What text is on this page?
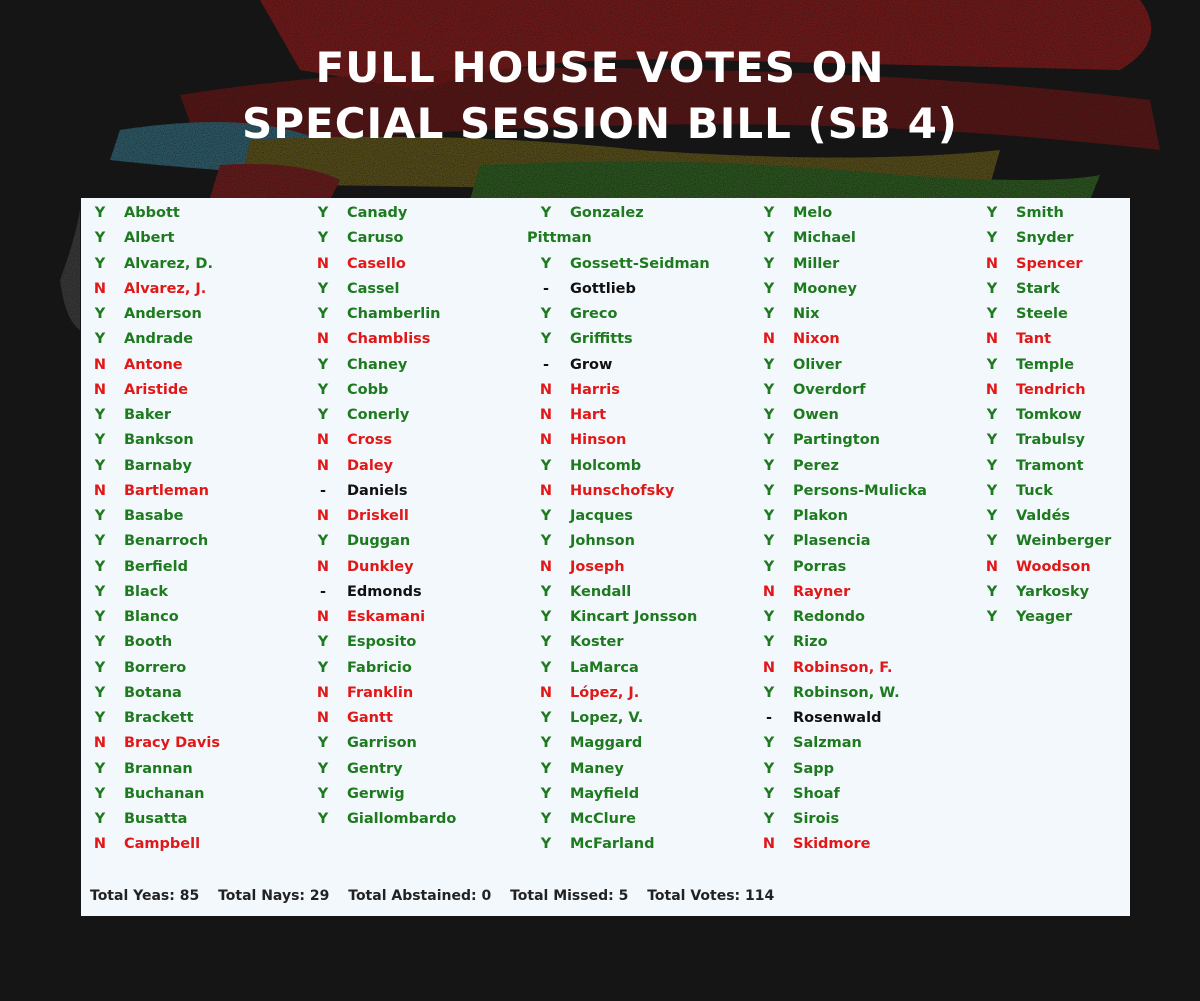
FULL HOUSE VOTES ON
SPECIAL SESSION BILL (SB 4)
Y	Abbott
Y	Albert
Y	Alvarez, D.
N	Alvarez, J.
Y	Anderson
Y	Andrade
N	Antone
N	Aristide
Y	Baker
Y	Bankson
Y	Barnaby
N	Bartleman
Y	Basabe
Y	Benarroch
Y	Berfield
Y	Black
Y	Blanco
Y	Booth
Y	Borrero
Y	Botana
Y	Brackett
N	Bracy Davis
Y	Brannan
Y	Buchanan
Y	Busatta
N	Campbell
Y	Canady
Y	Caruso
N	Casello
Y	Cassel
Y	Chamberlin
N	Chambliss
Y	Chaney
Y	Cobb
Y	Conerly
N	Cross
N	Daley
-	Daniels
N	Driskell
Y	Duggan
N	Dunkley
-	Edmonds
N	Eskamani
Y	Esposito
Y	Fabricio
N	Franklin
N	Gantt
Y	Garrison
Y	Gentry
Y	Gerwig
Y	Giallombardo
Y	Gonzalez
Pittman
Y	Gossett-Seidman
-	Gottlieb
Y	Greco
Y	Griffitts
-	Grow
N	Harris
N	Hart
N	Hinson
Y	Holcomb
N	Hunschofsky
Y	Jacques
Y	Johnson
N	Joseph
Y	Kendall
Y	Kincart Jonsson
Y	Koster
Y	LaMarca
N	López, J.
Y	Lopez, V.
Y	Maggard
Y	Maney
Y	Mayfield
Y	McClure
Y	McFarland
Y	Melo
Y	Michael
Y	Miller
Y	Mooney
Y	Nix
N	Nixon
Y	Oliver
Y	Overdorf
Y	Owen
Y	Partington
Y	Perez
Y	Persons-Mulicka
Y	Plakon
Y	Plasencia
Y	Porras
N	Rayner
Y	Redondo
Y	Rizo
N	Robinson, F.
Y	Robinson, W.
-	Rosenwald
Y	Salzman
Y	Sapp
Y	Shoaf
Y	Sirois
N	Skidmore
Y	Smith
Y	Snyder
N	Spencer
Y	Stark
Y	Steele
N	Tant
Y	Temple
N	Tendrich
Y	Tomkow
Y	Trabulsy
Y	Tramont
Y	Tuck
Y	Valdés
Y	Weinberger
N	Woodson
Y	Yarkosky
Y	Yeager
Total Yeas: 85 Total Nays: 29 Total Abstained: 0 Total Missed: 5 Total Votes: 114
